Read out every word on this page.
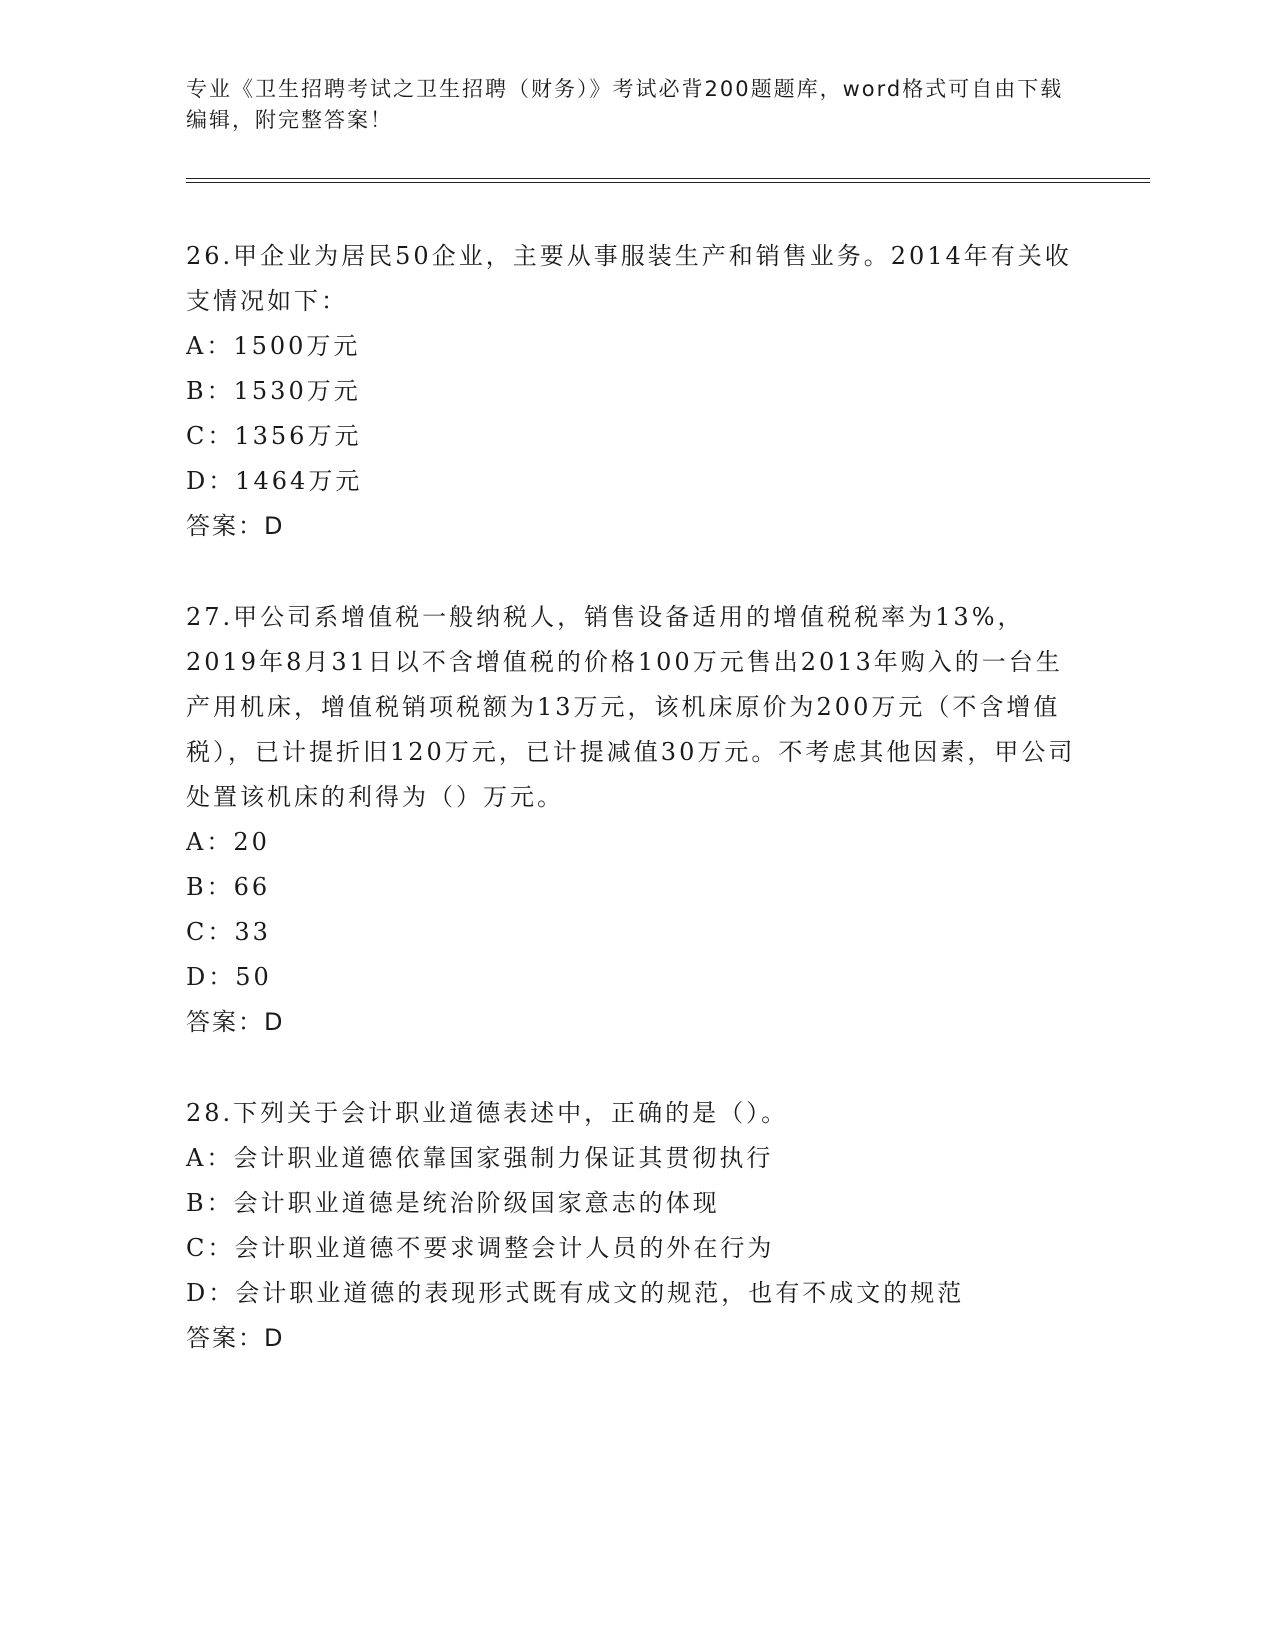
专业《卫生招聘考试之卫生招聘（财务）》考试必背200题题库，word格式可自由下载编辑，附完整答案！
26.甲企业为居民50企业，主要从事服装生产和销售业务。2014年有关收支情况如下：
A：1500万元
B：1530万元
C：1356万元
D：1464万元
答案：D
27.甲公司系增值税一般纳税人，销售设备适用的增值税税率为13%，2019年8月31日以不含增值税的价格100万元售出2013年购入的一台生产用机床，增值税销项税额为13万元，该机床原价为200万元（不含增值税），已计提折旧120万元，已计提减值30万元。不考虑其他因素，甲公司处置该机床的利得为（）万元。
A：20
B：66
C：33
D：50
答案：D
28.下列关于会计职业道德表述中，正确的是（）。
A：会计职业道德依靠国家强制力保证其贯彻执行
B：会计职业道德是统治阶级国家意志的体现
C：会计职业道德不要求调整会计人员的外在行为
D：会计职业道德的表现形式既有成文的规范，也有不成文的规范
答案：D
